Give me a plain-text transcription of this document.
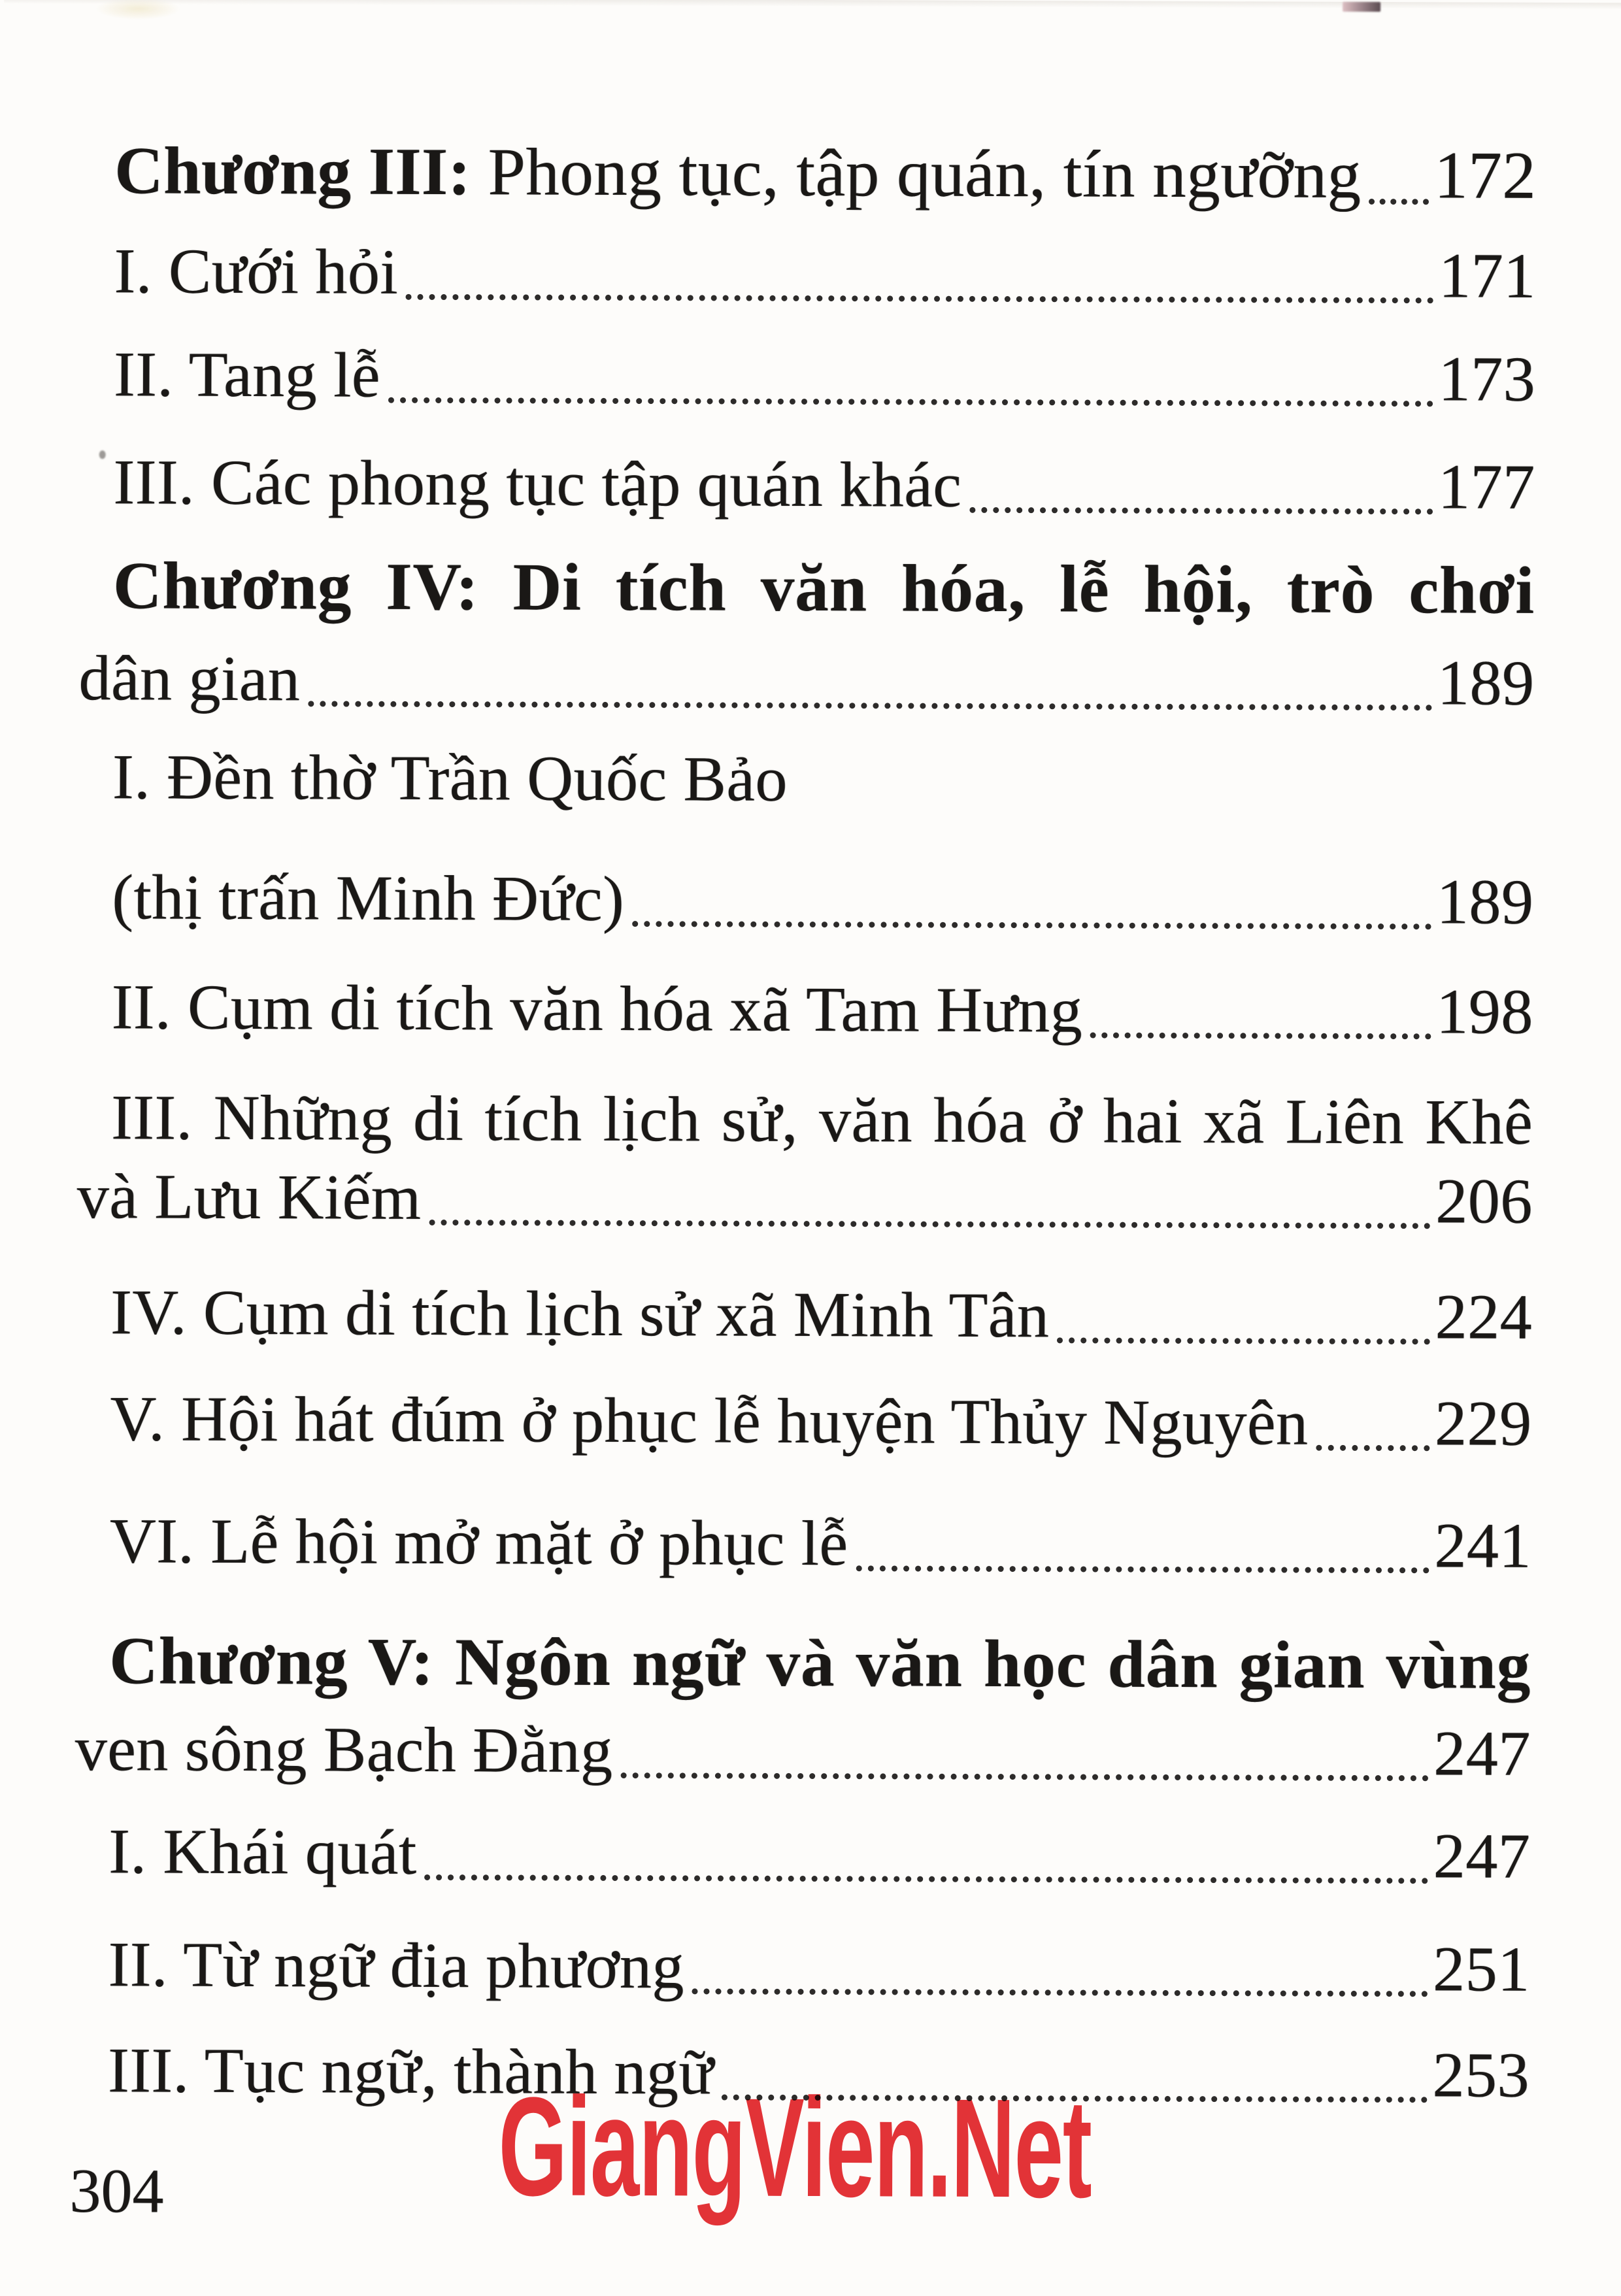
Chương III: Phong tục, tập quán, tín ngưỡng 172
I. Cưới hỏi	171
II. Tang lễ	173
III. Các phong tục tập quán khác	177
Chương IV: Di tích văn hóa, lễ hội, trò chơi
dân gian	189
I. Đền thờ Trần Quốc Bảo
(thị trấn Minh Đức)	189
II. Cụm di tích văn hóa xã Tam Hưng	198
III. Những di tích lịch sử, văn hóa ở hai xã Liên Khê
và Lưu Kiếm	206
IV. Cụm di tích lịch sử xã Minh Tân	224
V. Hội hát đúm ở phục lễ huyện Thủy Nguyên 229
VI. Lễ hội mở mặt ở phục lễ	241
Chương V: Ngôn ngữ và văn học dân gian vùng
ven sông Bạch Đằng	247
I. Khái quát	247
II. Từ ngữ địa phương	251
III. Tục ngữ, thành ngữ	253
304 GiangVien.Net
